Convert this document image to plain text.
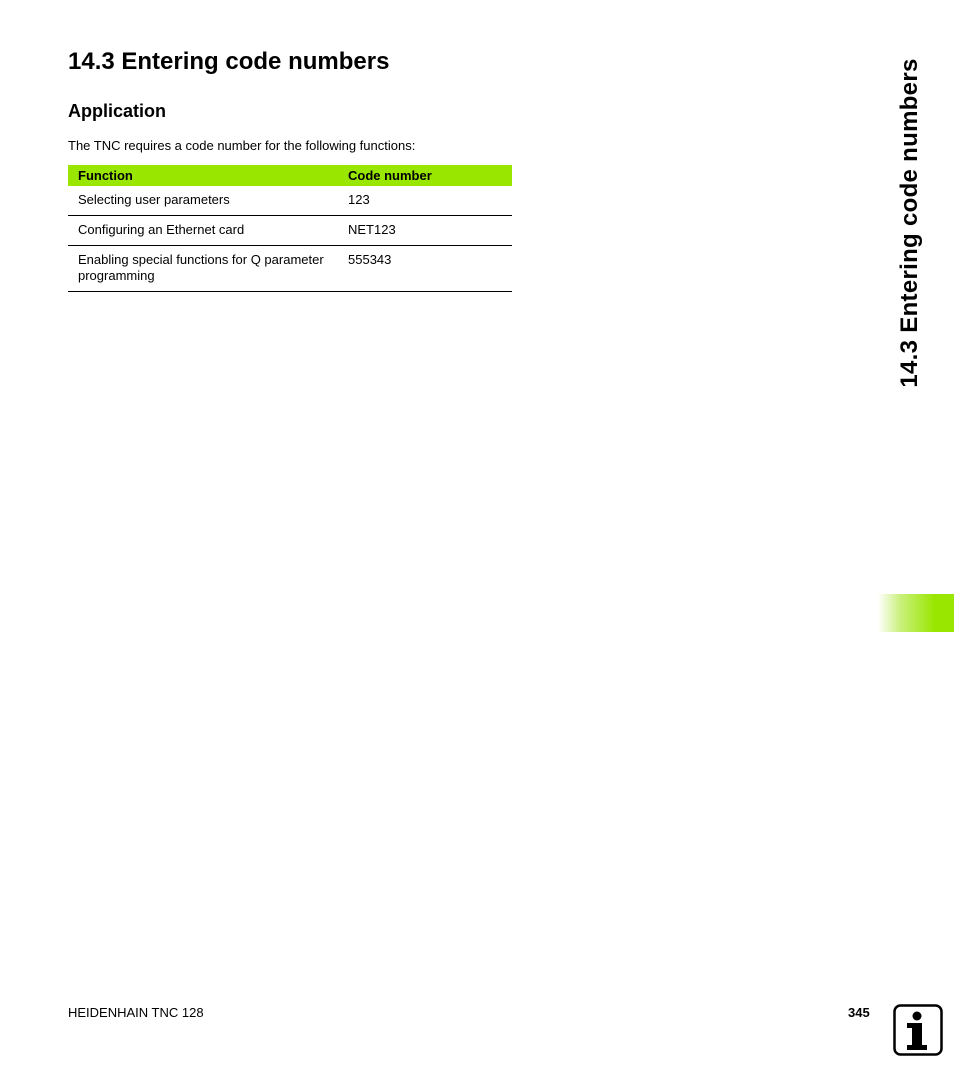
14.3 Entering code numbers
Application

The TNC requires a code number for the following functions:

Function	Code number
Selecting user parameters	123
Configuring an Ethernet card	NET123
Enabling special functions for Q parameter programming	555343	14.3 Entering code numbers
HEIDENHAIN TNC 128	345
